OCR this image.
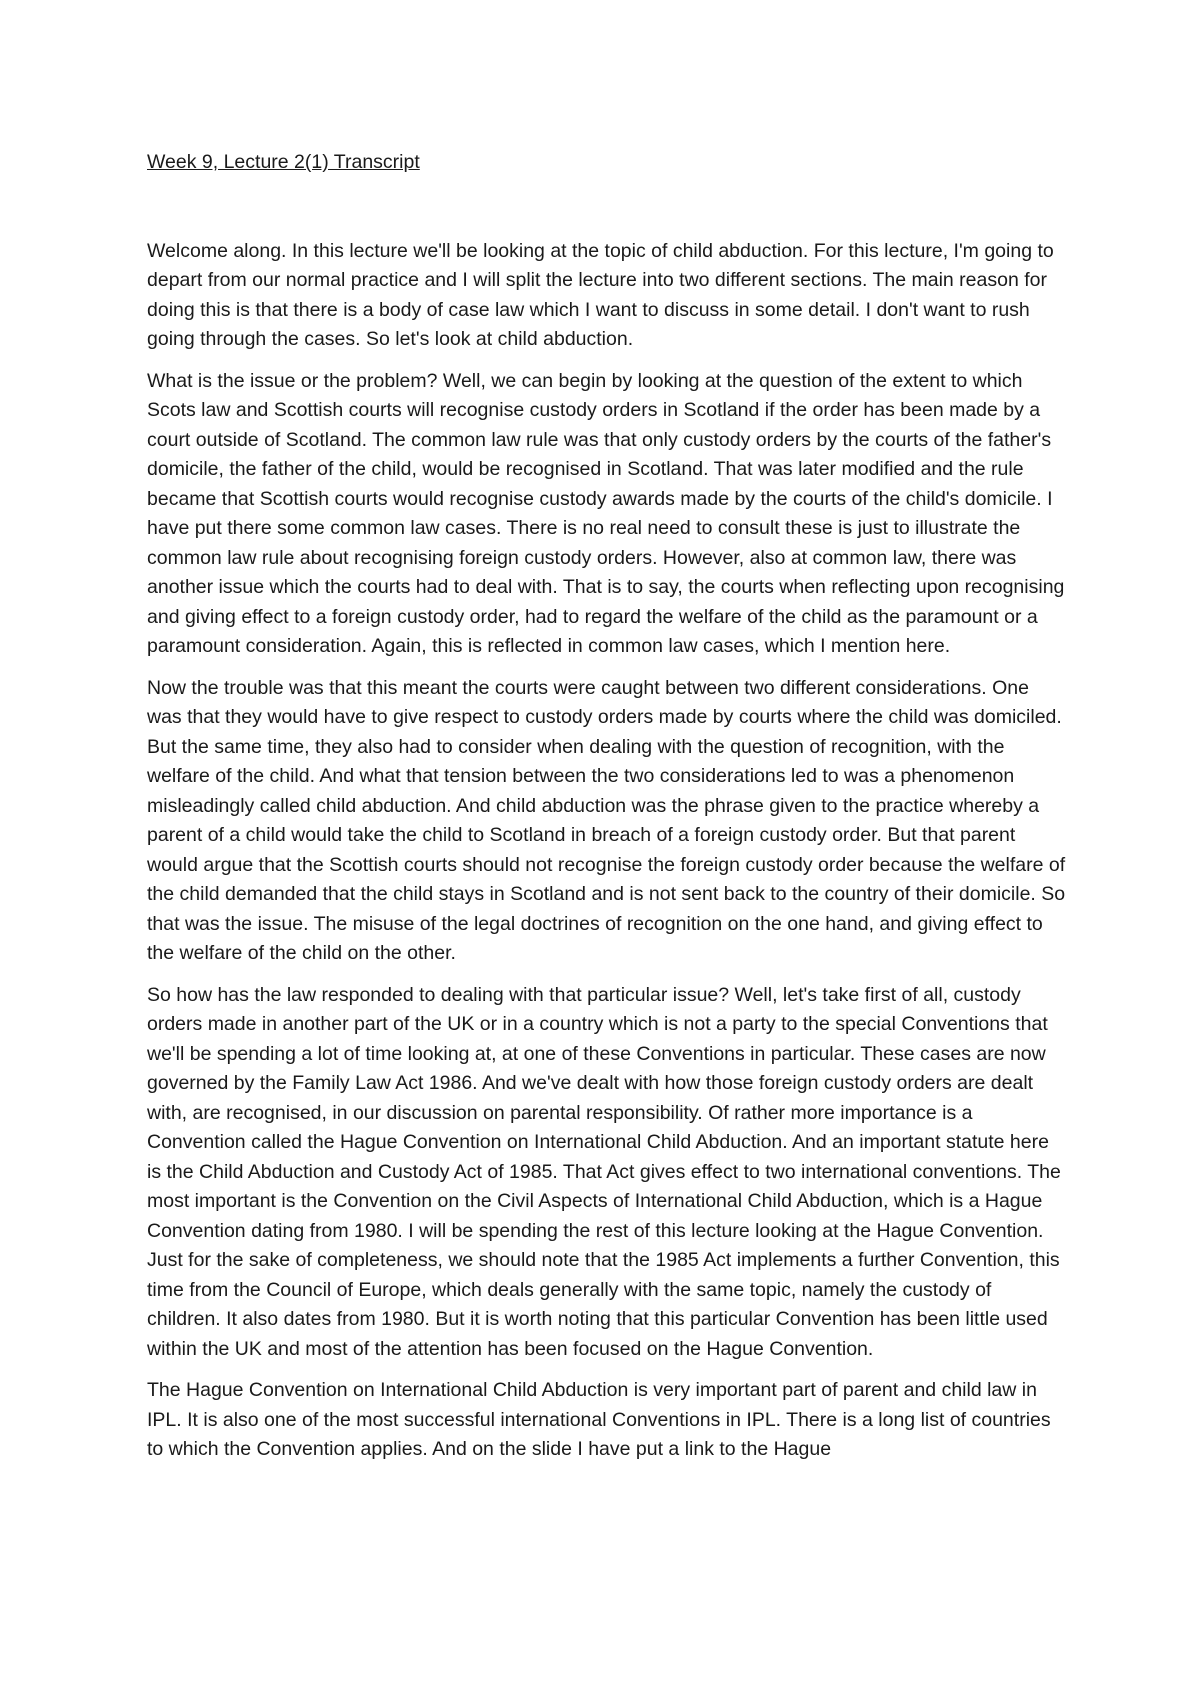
Week 9, Lecture 2(1) Transcript

Welcome along. In this lecture we'll be looking at the topic of child abduction. For this lecture, I'm going to depart from our normal practice and I will split the lecture into two different sections. The main reason for doing this is that there is a body of case law which I want to discuss in some detail. I don't want to rush going through the cases. So let's look at child abduction.

What is the issue or the problem? Well, we can begin by looking at the question of the extent to which Scots law and Scottish courts will recognise custody orders in Scotland if the order has been made by a court outside of Scotland. The common law rule was that only custody orders by the courts of the father's domicile, the father of the child, would be recognised in Scotland. That was later modified and the rule became that Scottish courts would recognise custody awards made by the courts of the child's domicile. I have put there some common law cases. There is no real need to consult these is just to illustrate the common law rule about recognising foreign custody orders. However, also at common law, there was another issue which the courts had to deal with. That is to say, the courts when reflecting upon recognising and giving effect to a foreign custody order, had to regard the welfare of the child as the paramount or a paramount consideration. Again, this is reflected in common law cases, which I mention here.

Now the trouble was that this meant the courts were caught between two different considerations. One was that they would have to give respect to custody orders made by courts where the child was domiciled. But the same time, they also had to consider when dealing with the question of recognition, with the welfare of the child. And what that tension between the two considerations led to was a phenomenon misleadingly called child abduction. And child abduction was the phrase given to the practice whereby a parent of a child would take the child to Scotland in breach of a foreign custody order. But that parent would argue that the Scottish courts should not recognise the foreign custody order because the welfare of the child demanded that the child stays in Scotland and is not sent back to the country of their domicile. So that was the issue. The misuse of the legal doctrines of recognition on the one hand, and giving effect to the welfare of the child on the other.

So how has the law responded to dealing with that particular issue? Well, let's take first of all, custody orders made in another part of the UK or in a country which is not a party to the special Conventions that we'll be spending a lot of time looking at, at one of these Conventions in particular. These cases are now governed by the Family Law Act 1986. And we've dealt with how those foreign custody orders are dealt with, are recognised, in our discussion on parental responsibility. Of rather more importance is a Convention called the Hague Convention on International Child Abduction. And an important statute here is the Child Abduction and Custody Act of 1985. That Act gives effect to two international conventions. The most important is the Convention on the Civil Aspects of International Child Abduction, which is a Hague Convention dating from 1980. I will be spending the rest of this lecture looking at the Hague Convention. Just for the sake of completeness, we should note that the 1985 Act implements a further Convention, this time from the Council of Europe, which deals generally with the same topic, namely the custody of children. It also dates from 1980. But it is worth noting that this particular Convention has been little used within the UK and most of the attention has been focused on the Hague Convention.

The Hague Convention on International Child Abduction is very important part of parent and child law in IPL. It is also one of the most successful international Conventions in IPL. There is a long list of countries to which the Convention applies. And on the slide I have put a link to the Hague
